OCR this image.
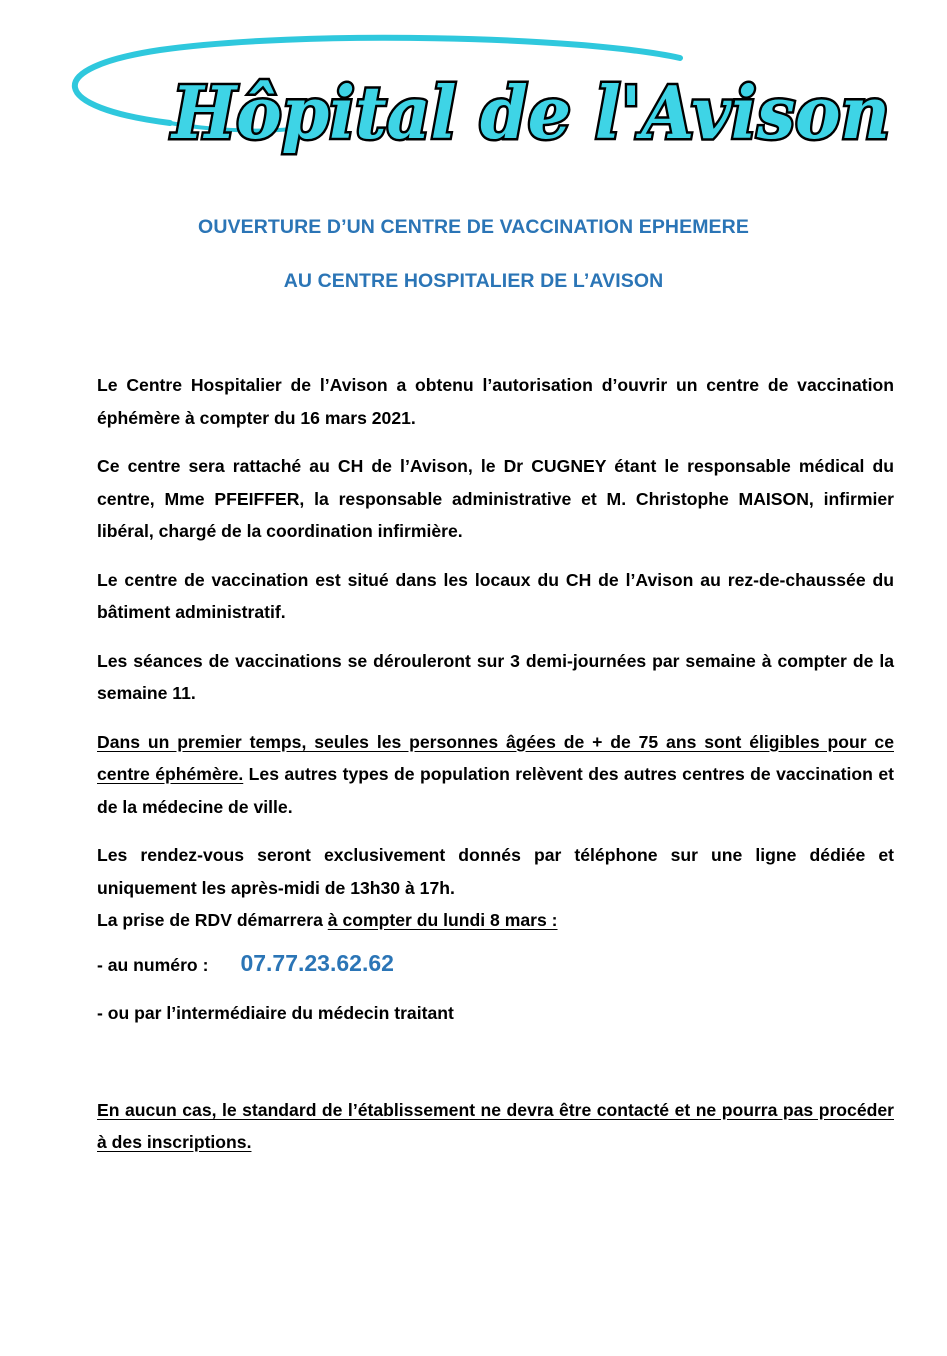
Hôpital de l'Avison
OUVERTURE D’UN CENTRE DE VACCINATION EPHEMERE
AU CENTRE HOSPITALIER DE L’AVISON

Le Centre Hospitalier de l’Avison a obtenu l’autorisation d’ouvrir un centre de vaccination éphémère à compter du 16 mars 2021.

Ce centre sera rattaché au CH de l’Avison, le Dr CUGNEY étant le responsable médical du centre, Mme PFEIFFER, la responsable administrative et M. Christophe MAISON, infirmier libéral, chargé de la coordination infirmière.

Le centre de vaccination est situé dans les locaux du CH de l’Avison au rez-de-chaussée du bâtiment administratif.

Les séances de vaccinations se dérouleront sur 3 demi-journées par semaine à compter de la semaine 11.

Dans un premier temps, seules les personnes âgées de + de 75 ans sont éligibles pour ce centre éphémère. Les autres types de population relèvent des autres centres de vaccination et de la médecine de ville.

Les rendez-vous seront exclusivement donnés par téléphone sur une ligne dédiée et uniquement les après-midi de 13h30 à 17h.
La prise de RDV démarrera à compter du lundi 8 mars :

- au numéro : 07.77.23.62.62

- ou par l’intermédiaire du médecin traitant

En aucun cas, le standard de l’établissement ne devra être contacté et ne pourra pas procéder à des inscriptions.
